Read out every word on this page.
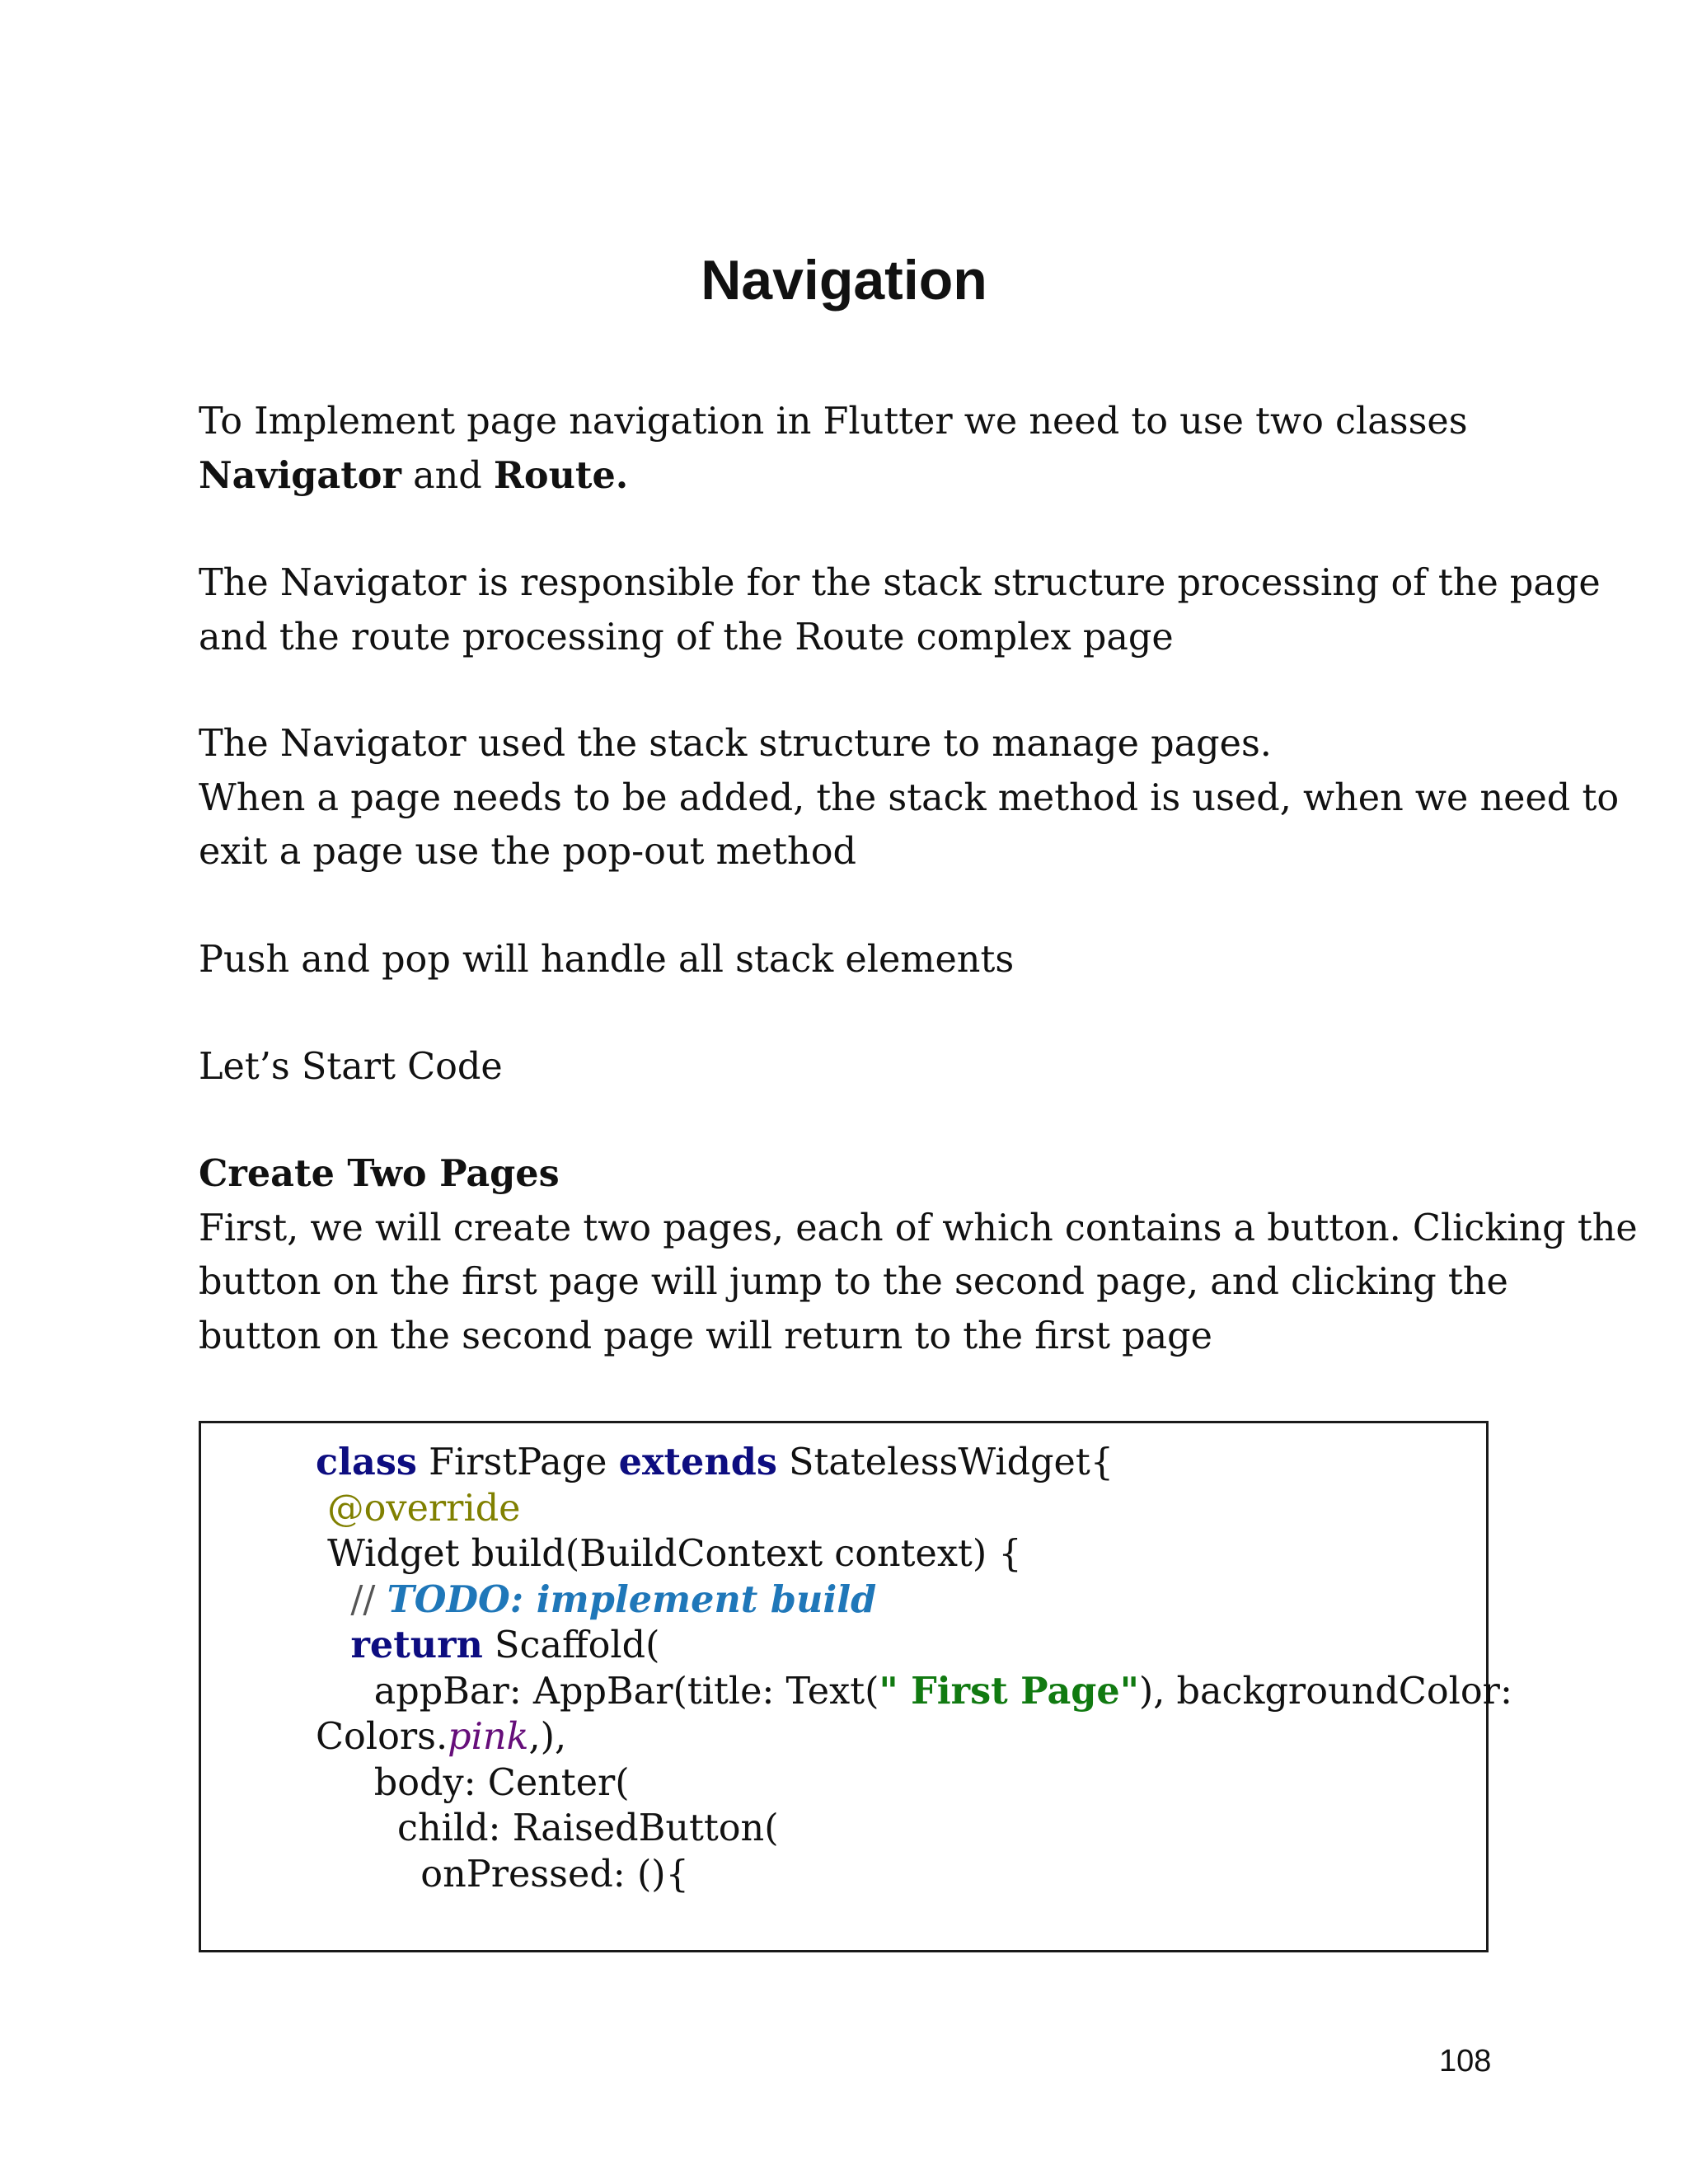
Navigation
To Implement page navigation in Flutter we need to use two classes
Navigator and Route.
The Navigator is responsible for the stack structure processing of the page
and the route processing of the Route complex page
The Navigator used the stack structure to manage pages.
When a page needs to be added, the stack method is used, when we need to
exit a page use the pop-out method
Push and pop will handle all stack elements
Let’s Start Code
Create Two Pages
First, we will create two pages, each of which contains a button. Clicking the
button on the first page will jump to the second page, and clicking the
button on the second page will return to the first page
class FirstPage extends StatelessWidget{
@override
Widget build(BuildContext context) {
// TODO: implement build
return Scaffold(
appBar: AppBar(title: Text(" First Page"), backgroundColor:
Colors.pink,),
body: Center(
child: RaisedButton(
onPressed: (){
108
